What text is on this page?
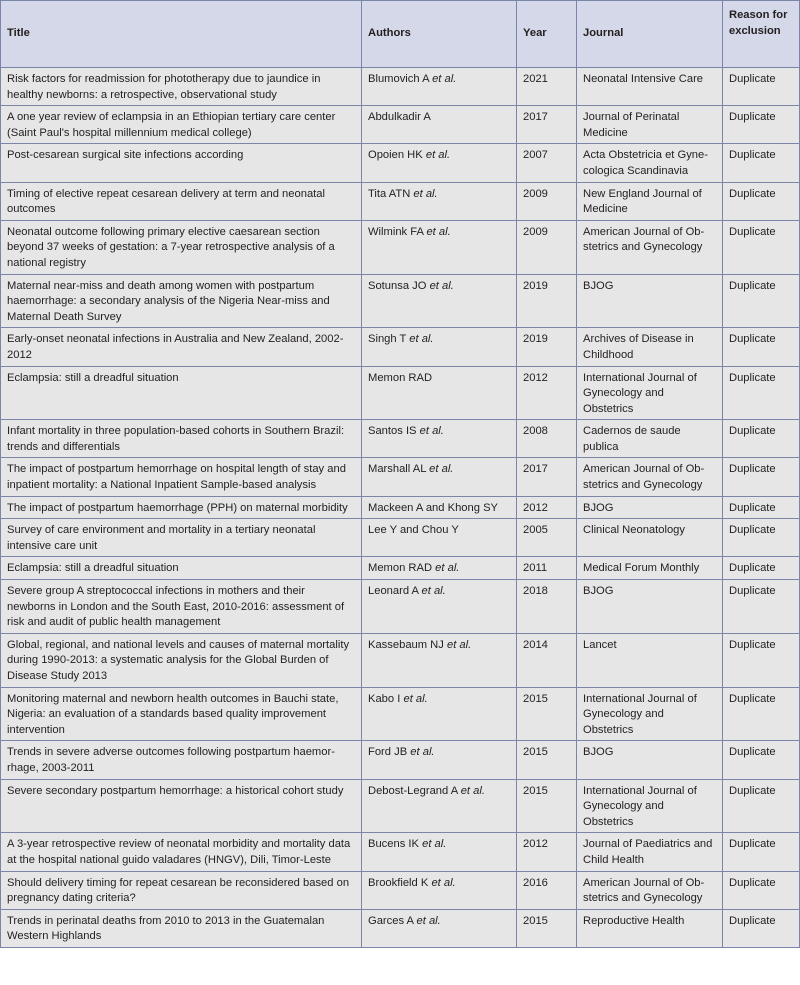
Title	Authors	Year	Journal	Reason for exclusion
Risk factors for readmission for phototherapy due to jaundice in healthy newborns: a retrospective, observational study	Blumovich A et al.	2021	Neonatal Intensive Care	Duplicate
A one year review of eclampsia in an Ethiopian tertiary care center (Saint Paul's hospital millennium medical college)	Abdulkadir A	2017	Journal of Perinatal Medicine	Duplicate
Post-cesarean surgical site infections according	Opoien HK et al.	2007	Acta Obstetricia et Gynecologica Scandinavia	Duplicate
Timing of elective repeat cesarean delivery at term and neonatal outcomes	Tita ATN et al.	2009	New England Journal of Medicine	Duplicate
Neonatal outcome following primary elective caesarean section beyond 37 weeks of gestation: a 7-year retrospective analysis of a national registry	Wilmink FA et al.	2009	American Journal of Obstetrics and Gynecology	Duplicate
Maternal near-miss and death among women with postpartum haemorrhage: a secondary analysis of the Nigeria Near-miss and Maternal Death Survey	Sotunsa JO et al.	2019	BJOG	Duplicate
Early-onset neonatal infections in Australia and New Zealand, 2002-2012	Singh T et al.	2019	Archives of Disease in Childhood	Duplicate
Eclampsia: still a dreadful situation	Memon RAD	2012	International Journal of Gynecology and Obstetrics	Duplicate
Infant mortality in three population-based cohorts in Southern Brazil: trends and differentials	Santos IS et al.	2008	Cadernos de saude publica	Duplicate
The impact of postpartum hemorrhage on hospital length of stay and inpatient mortality: a National Inpatient Sample-based analysis	Marshall AL et al.	2017	American Journal of Obstetrics and Gynecology	Duplicate
The impact of postpartum haemorrhage (PPH) on maternal morbidity	Mackeen A and Khong SY	2012	BJOG	Duplicate
Survey of care environment and mortality in a tertiary neonatal intensive care unit	Lee Y and Chou Y	2005	Clinical Neonatology	Duplicate
Eclampsia: still a dreadful situation	Memon RAD et al.	2011	Medical Forum Monthly	Duplicate
Severe group A streptococcal infections in mothers and their newborns in London and the South East, 2010-2016: assessment of risk and audit of public health management	Leonard A et al.	2018	BJOG	Duplicate
Global, regional, and national levels and causes of maternal mortality during 1990-2013: a systematic analysis for the Global Burden of Disease Study 2013	Kassebaum NJ et al.	2014	Lancet	Duplicate
Monitoring maternal and newborn health outcomes in Bauchi state, Nigeria: an evaluation of a standards based quality improvement intervention	Kabo I et al.	2015	International Journal of Gynecology and Obstetrics	Duplicate
Trends in severe adverse outcomes following postpartum haemorrhage, 2003-2011	Ford JB et al.	2015	BJOG	Duplicate
Severe secondary postpartum hemorrhage: a historical cohort study	Debost-Legrand A et al.	2015	International Journal of Gynecology and Obstetrics	Duplicate
A 3-year retrospective review of neonatal morbidity and mortality data at the hospital national guido valadares (HNGV), Dili, Timor-Leste	Bucens IK et al.	2012	Journal of Paediatrics and Child Health	Duplicate
Should delivery timing for repeat cesarean be reconsidered based on pregnancy dating criteria?	Brookfield K et al.	2016	American Journal of Obstetrics and Gynecology	Duplicate
Trends in perinatal deaths from 2010 to 2013 in the Guatemalan Western Highlands	Garces A et al.	2015	Reproductive Health	Duplicate
